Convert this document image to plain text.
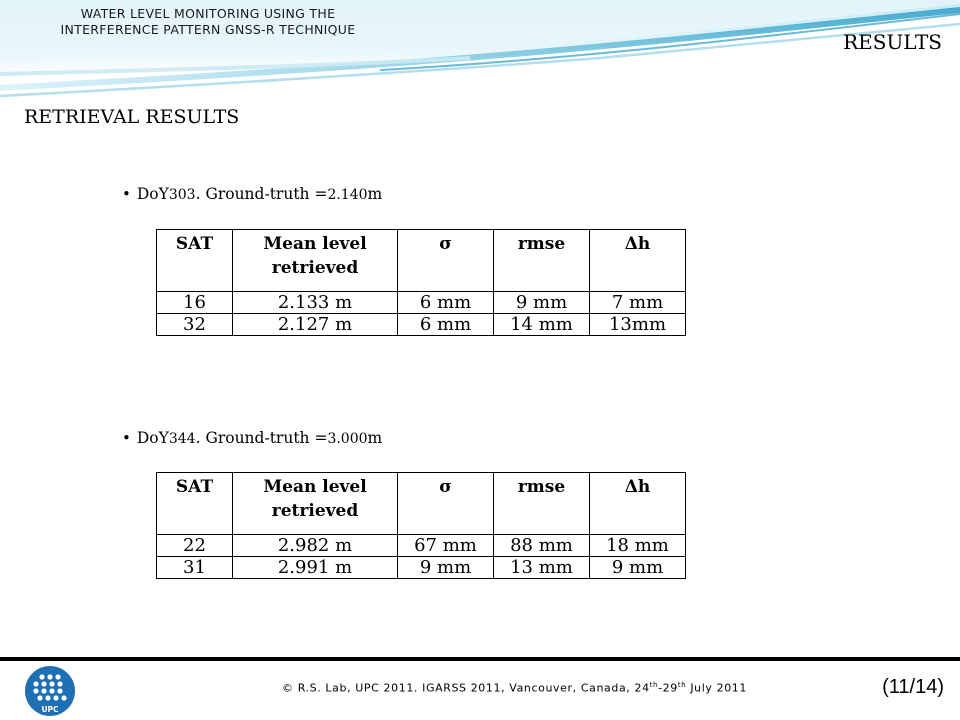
WATER LEVEL MONITORING USING THE
INTERFERENCE PATTERN GNSS-R TECHNIQUE
RESULTS
RETRIEVAL RESULTS
• DoY 303 . Ground-truth = 2.140 m
SAT	Mean level retrieved	σ	rmse	Δh
16	2.133 m	6 mm	9 mm	7 mm
32	2.127 m	6 mm	14 mm	13mm
• DoY 344 . Ground-truth = 3.000 m
SAT	Mean level retrieved	σ	rmse	Δh
22	2.982 m	67 mm	88 mm	18 mm
31	2.991 m	9 mm	13 mm	9 mm
UPC
© R.S. Lab, UPC 2011. IGARSS 2011, Vancouver, Canada, 24th-29th July 2011	(11/14)
